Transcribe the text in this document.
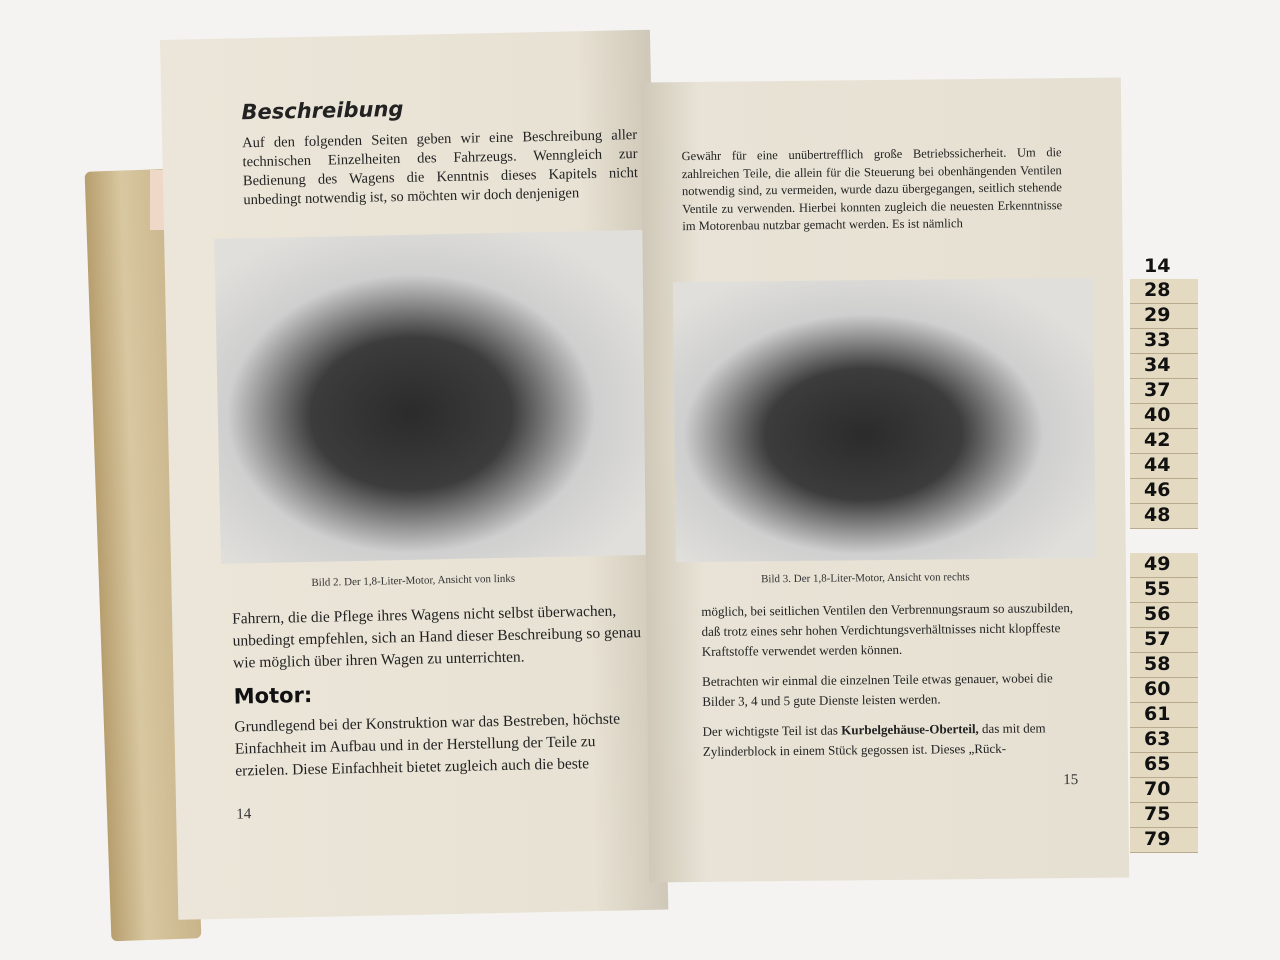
Beschreibung
Auf den folgenden Seiten geben wir eine Beschreibung aller technischen Einzelheiten des Fahrzeugs. Wenngleich zur Bedienung des Wagens die Kenntnis dieses Kapitels nicht unbedingt notwendig ist, so möchten wir doch denjenigen
Bild 2. Der 1,8-Liter-Motor, Ansicht von links

Fahrern, die die Pflege ihres Wagens nicht selbst überwachen, unbedingt empfehlen, sich an Hand dieser Beschreibung so genau wie möglich über ihren Wagen zu unterrichten.

Motor:

Grundlegend bei der Konstruktion war das Bestreben, höchste Einfachheit im Aufbau und in der Herstellung der Teile zu erzielen. Diese Einfachheit bietet zugleich auch die beste

14

Gewähr für eine unübertrefflich große Betriebssicherheit. Um die zahlreichen Teile, die allein für die Steuerung bei obenhängenden Ventilen notwendig sind, zu vermeiden, wurde dazu übergegangen, seitlich stehende Ventile zu verwenden. Hierbei konnten zugleich die neuesten Erkenntnisse im Motorenbau nutzbar gemacht werden. Es ist nämlich
Bild 3. Der 1,8-Liter-Motor, Ansicht von rechts

möglich, bei seitlichen Ventilen den Verbrennungsraum so auszubilden, daß trotz eines sehr hohen Verdichtungsverhältnisses nicht klopffeste Kraftstoffe verwendet werden können.

Betrachten wir einmal die einzelnen Teile etwas genauer, wobei die Bilder 3, 4 und 5 gute Dienste leisten werden.

Der wichtigste Teil ist das Kurbelgehäuse-Oberteil, das mit dem Zylinderblock in einem Stück gegossen ist. Dieses „Rück-

15

14
28
29
33
34
37
40
42
44
46
48
49
55
56
57
58
60
61
63
65
70
75
79
